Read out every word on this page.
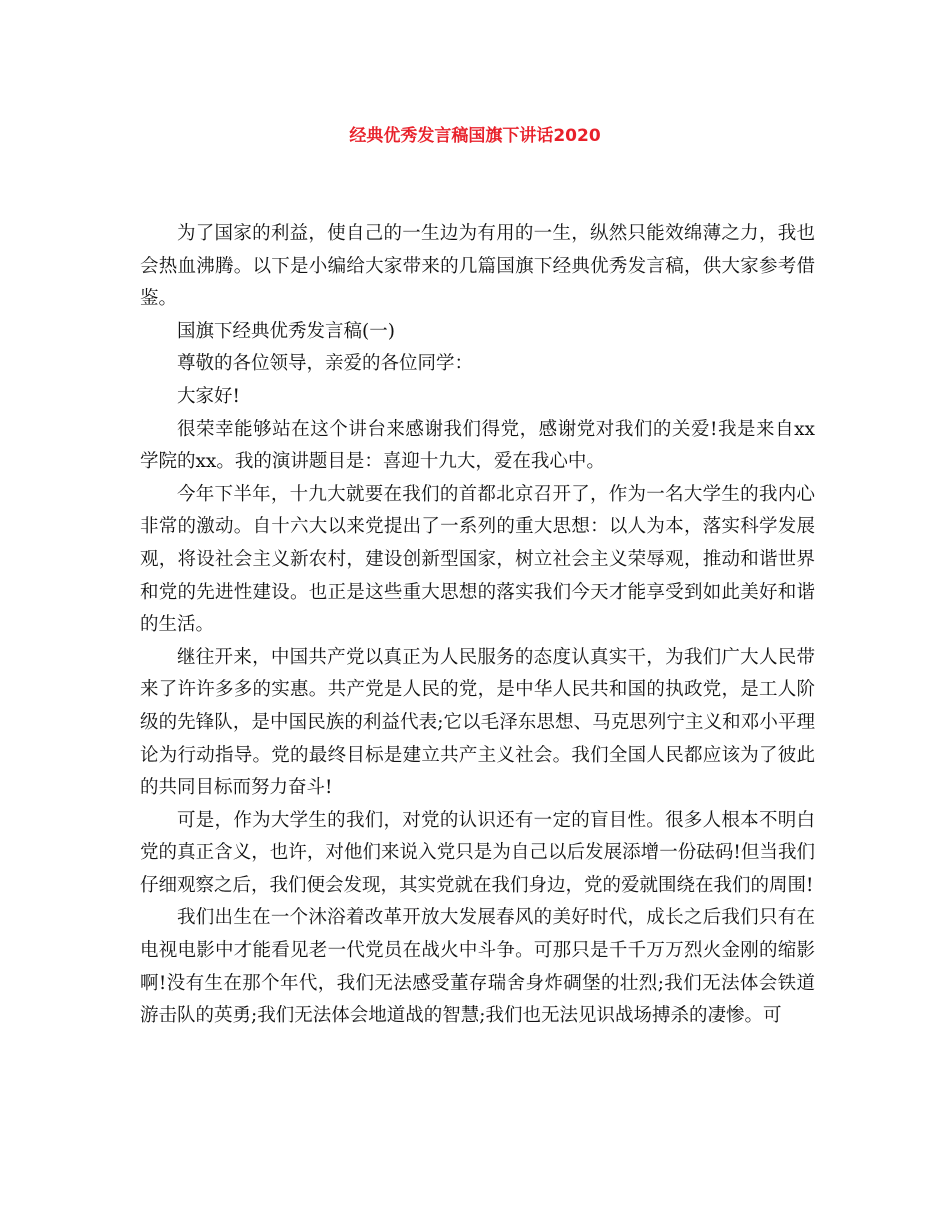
经典优秀发言稿国旗下讲话2020

为了国家的利益，使自己的一生边为有用的一生，纵然只能效绵薄之力，我也会热血沸腾。以下是小编给大家带来的几篇国旗下经典优秀发言稿，供大家参考借鉴。

国旗下经典优秀发言稿(一)

尊敬的各位领导，亲爱的各位同学：

大家好!

很荣幸能够站在这个讲台来感谢我们得党，感谢党对我们的关爱!我是来自xx学院的xx。我的演讲题目是：喜迎十九大，爱在我心中。

今年下半年，十九大就要在我们的首都北京召开了，作为一名大学生的我内心非常的激动。自十六大以来党提出了一系列的重大思想：以人为本，落实科学发展观，将设社会主义新农村，建设创新型国家，树立社会主义荣辱观，推动和谐世界和党的先进性建设。也正是这些重大思想的落实我们今天才能享受到如此美好和谐的生活。

继往开来，中国共产党以真正为人民服务的态度认真实干，为我们广大人民带来了许许多多的实惠。共产党是人民的党，是中华人民共和国的执政党，是工人阶级的先锋队，是中国民族的利益代表;它以毛泽东思想、马克思列宁主义和邓小平理论为行动指导。党的最终目标是建立共产主义社会。我们全国人民都应该为了彼此的共同目标而努力奋斗!

可是，作为大学生的我们，对党的认识还有一定的盲目性。很多人根本不明白党的真正含义，也许，对他们来说入党只是为自己以后发展添增一份砝码!但当我们仔细观察之后，我们便会发现，其实党就在我们身边，党的爱就围绕在我们的周围!

我们出生在一个沐浴着改革开放大发展春风的美好时代，成长之后我们只有在电视电影中才能看见老一代党员在战火中斗争。可那只是千千万万烈火金刚的缩影啊!没有生在那个年代，我们无法感受董存瑞舍身炸碉堡的壮烈;我们无法体会铁道游击队的英勇;我们无法体会地道战的智慧;我们也无法见识战场搏杀的凄惨。可
